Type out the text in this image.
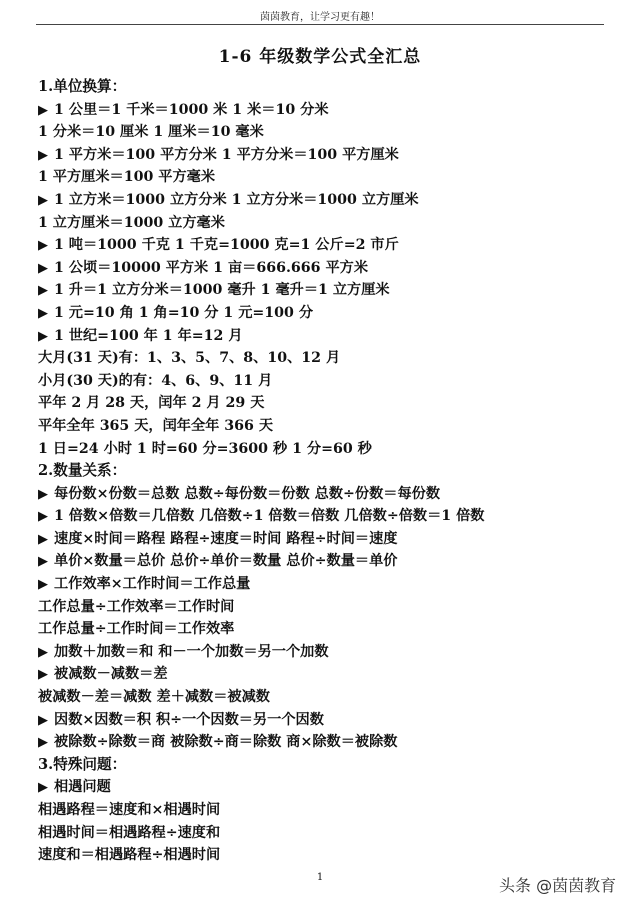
茵茵教育，让学习更有趣！
1-6 年级数学公式全汇总
1.单位换算：
▶ 1 公里＝1 千米＝1000 米 1 米＝10 分米
1 分米＝10 厘米 1 厘米＝10 毫米
▶ 1 平方米＝100 平方分米 1 平方分米＝100 平方厘米
1 平方厘米＝100 平方毫米
▶ 1 立方米＝1000 立方分米 1 立方分米＝1000 立方厘米
1 立方厘米＝1000 立方毫米
▶ 1 吨＝1000 千克 1 千克=1000 克=1 公斤=2 市斤
▶ 1 公顷＝10000 平方米 1 亩＝666.666 平方米
▶ 1 升＝1 立方分米＝1000 毫升 1 毫升＝1 立方厘米
▶ 1 元=10 角 1 角=10 分 1 元=100 分
▶ 1 世纪=100 年 1 年=12 月
大月(31 天)有：1、3、5、7、8、10、12 月
小月(30 天)的有：4、6、9、11 月
平年 2 月 28 天，闰年 2 月 29 天
平年全年 365 天，闰年全年 366 天
1 日=24 小时 1 时=60 分=3600 秒 1 分=60 秒
2.数量关系：
▶ 每份数×份数＝总数 总数÷每份数＝份数 总数÷份数＝每份数
▶ 1 倍数×倍数＝几倍数 几倍数÷1 倍数＝倍数 几倍数÷倍数＝1 倍数
▶ 速度×时间＝路程 路程÷速度＝时间 路程÷时间＝速度
▶ 单价×数量＝总价 总价÷单价＝数量 总价÷数量＝单价
▶ 工作效率×工作时间＝工作总量
工作总量÷工作效率＝工作时间
工作总量÷工作时间＝工作效率
▶ 加数＋加数＝和 和－一个加数＝另一个加数
▶ 被减数－减数＝差
被减数－差＝减数 差＋减数＝被减数
▶ 因数×因数＝积 积÷一个因数＝另一个因数
▶ 被除数÷除数＝商 被除数÷商＝除数 商×除数＝被除数
3.特殊问题：
▶ 相遇问题
相遇路程＝速度和×相遇时间
相遇时间＝相遇路程÷速度和
速度和＝相遇路程÷相遇时间
1	头条 @茵茵教育
